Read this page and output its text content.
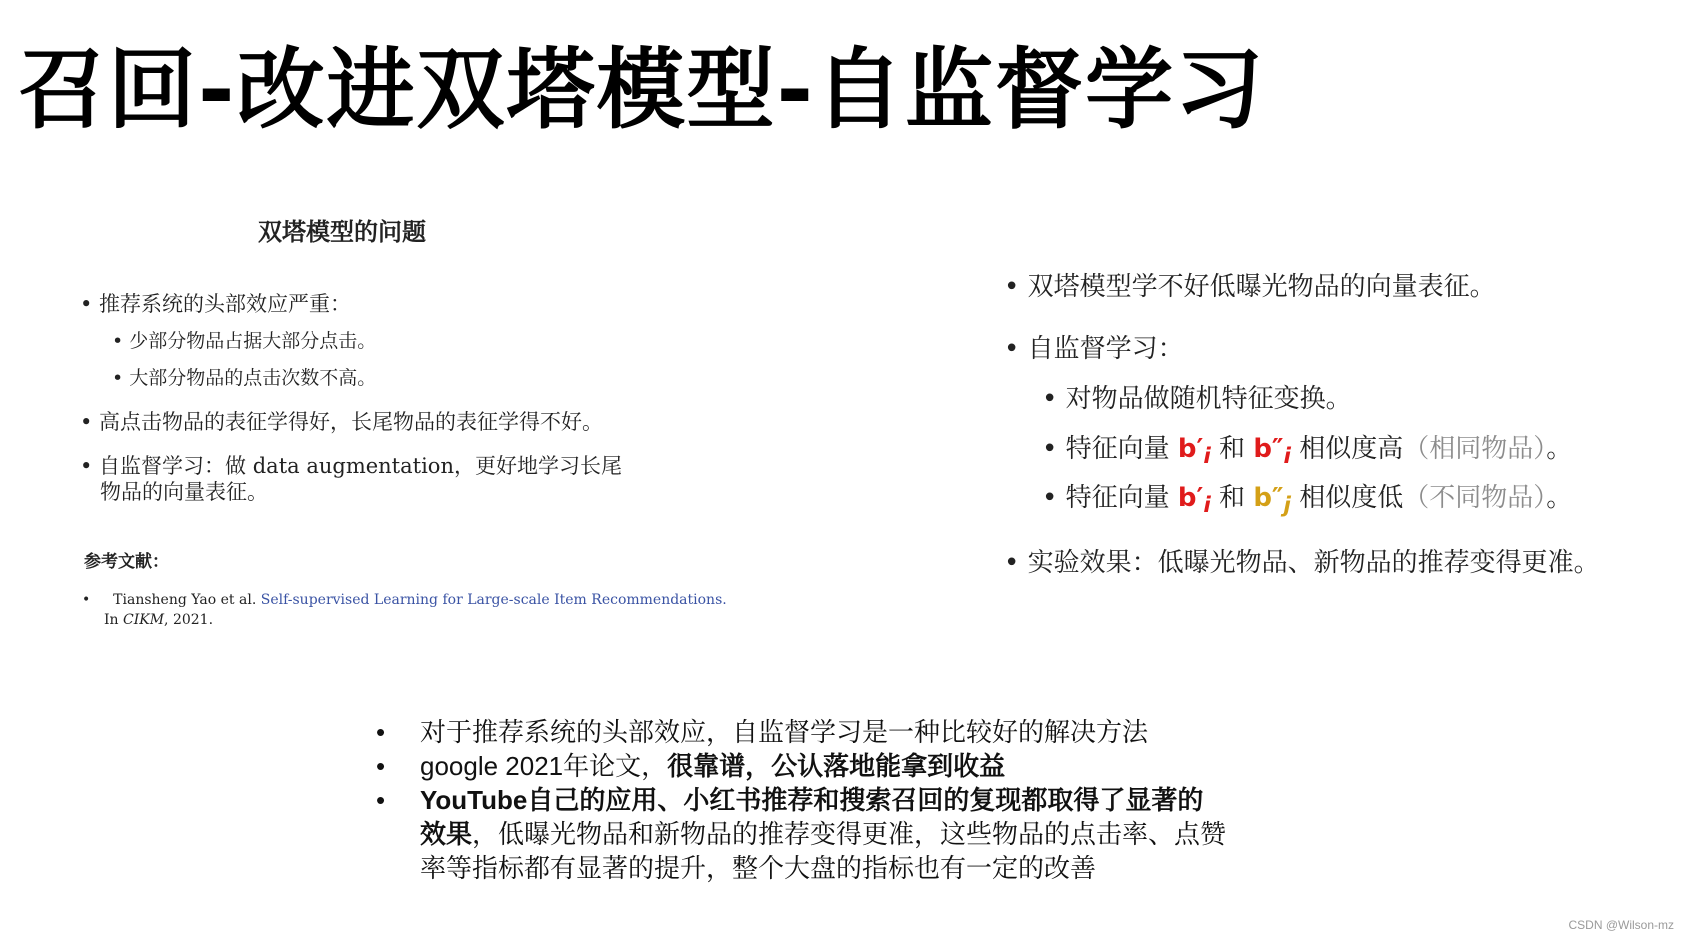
召回-改进双塔模型-自监督学习
双塔模型的问题
• 推荐系统的头部效应严重：
• 少部分物品占据大部分点击。
• 大部分物品的点击次数不高。
• 高点击物品的表征学得好，长尾物品的表征学得不好。
• 自监督学习：做 data augmentation，更好地学习长尾
物品的向量表征。
参考文献：
• Tiansheng Yao et al. Self-supervised Learning for Large-scale Item Recommendations.
In CIKM, 2021.
• 双塔模型学不好低曝光物品的向量表征。
• 自监督学习：
• 对物品做随机特征变换。
• 特征向量 $b'_i$ 和 $b''_i$ 相似度高（相同物品）。
• 特征向量 $b'_i$ 和 $b''_j$ 相似度低（不同物品）。
• 实验效果：低曝光物品、新物品的推荐变得更准。
• 对于推荐系统的头部效应，自监督学习是一种比较好的解决方法
• google 2021年论文，很靠谱，公认落地能拿到收益
• YouTube自己的应用、小红书推荐和搜索召回的复现都取得了显著的效果，低曝光物品和新物品的推荐变得更准，这些物品的点击率、点赞率等指标都有显著的提升，整个大盘的指标也有一定的改善
CSDN @Wilson-mz
